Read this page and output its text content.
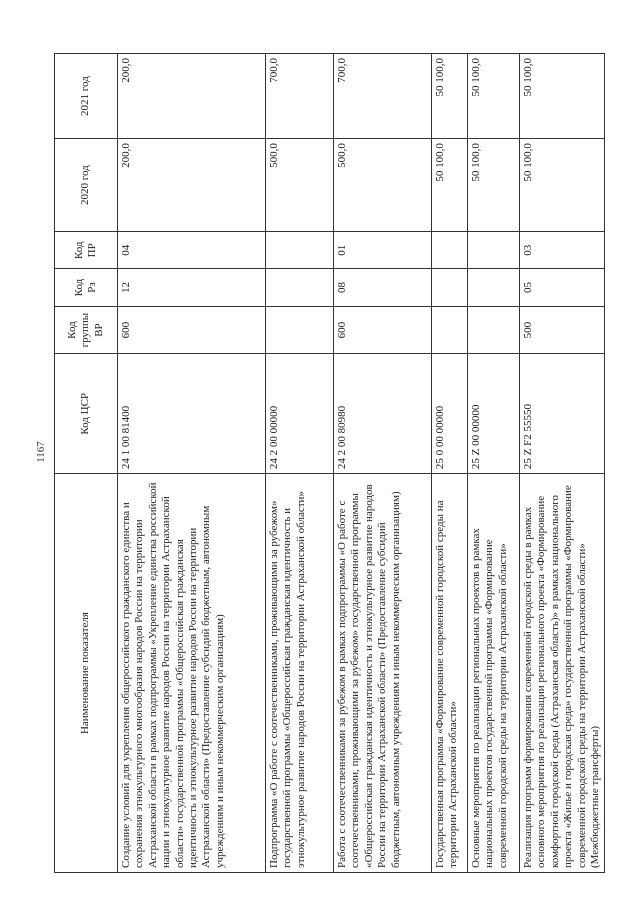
1167
Наименование показателя	Код ЦСР	Код группы ВР	Код Рз	Код ПР	2020 год	2021 год
Создание условий для укрепления общероссийского гражданского единства и сохранения этнокультурного многообразия народов России на территории Астраханской области в рамках подпрограммы «Укрепление единства российской нации и этнокультурное развитие народов России на территории Астраханской области» государственной программы «Общероссийская гражданская идентичность и этнокультурное развитие народов России на территории Астраханской области» (Предоставление субсидий бюджетным, автономным учреждениям и иным некоммерческим организациям)	24 1 00 81400	600	12	04	200,0	200,0
Подпрограмма «О работе с соотечественниками, проживающими за рубежом» государственной программы «Общероссийская гражданская идентичность и этнокультурное развитие народов России на территории Астраханской области»	24 2 00 00000				500,0	700,0
Работа с соотечественниками за рубежом в рамках подпрограммы «О работе с соотечественниками, проживающими за рубежом» государственной программы «Общероссийская гражданская идентичность и этнокультурное развитие народов России на территории Астраханской области» (Предоставление субсидий бюджетным, автономным учреждениям и иным некоммерческим организациям)	24 2 00 80980	600	08	01	500,0	700,0
Государственная программа «Формирование современной городской среды на территории Астраханской области»	25 0 00 00000				50 100,0	50 100,0
Основные мероприятия по реализации региональных проектов в рамках национальных проектов государственной программы «Формирование современной городской среды на территории Астраханской области»	25 Z 00 00000				50 100,0	50 100,0
Реализация программ формирования современной городской среды в рамках основного мероприятия по реализации регионального проекта «Формирование комфортной городской среды (Астраханская область)» в рамках национального проекта «Жилье и городская среда» государственной программы «Формирование современной городской среды на территории Астраханской области» (Межбюджетные трансферты)	25 Z F2 55550	500	05	03	50 100,0	50 100,0
